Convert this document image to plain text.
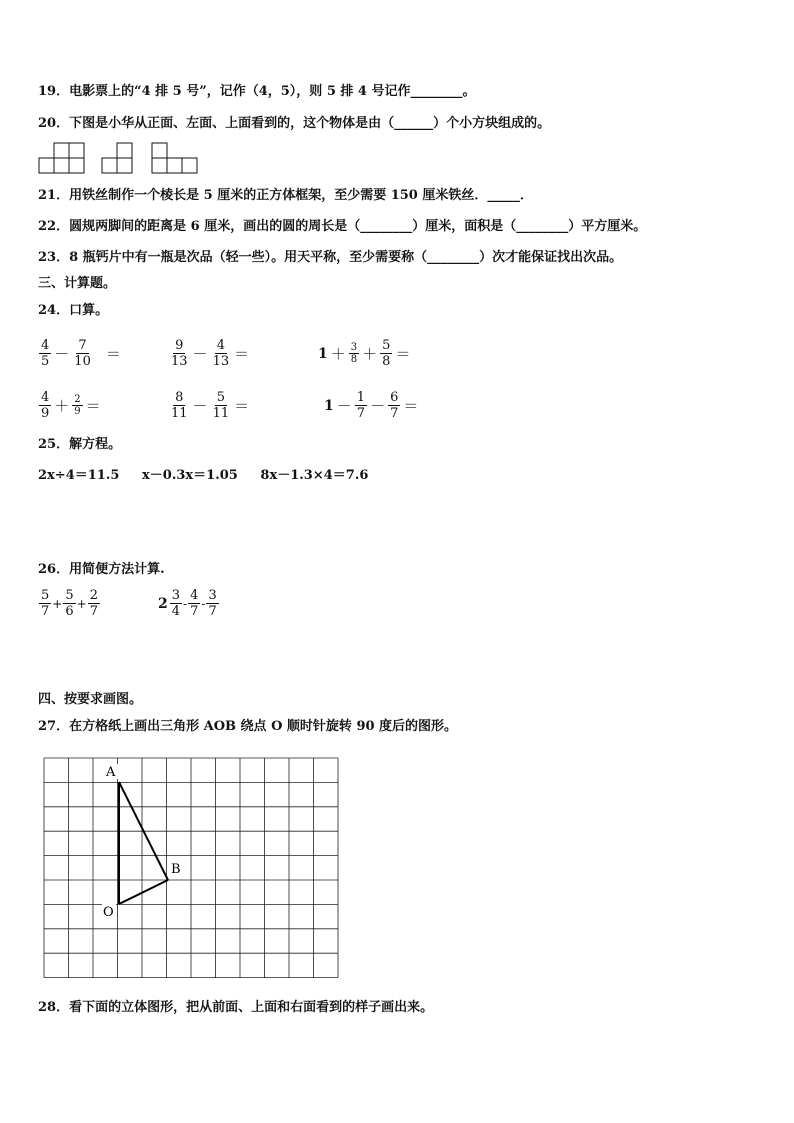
19．电影票上的“4 排 5 号”，记作（4，5），则 5 排 4 号记作________。
20．下图是小华从正面、左面、上面看到的，这个物体是由（______）个小方块组成的。
21．用铁丝制作一个棱长是 5 厘米的正方体框架，至少需要 150 厘米铁丝．_____．
22．圆规两脚间的距离是 6 厘米，画出的圆的周长是（________）厘米，面积是（________）平方厘米。
23．8 瓶钙片中有一瓶是次品（轻一些）。用天平称，至少需要称（________）次才能保证找出次品。
三、计算题。
24．口算。
$\frac{4}{5} - \frac{7}{10}$ ＝	$\frac{9}{13} - \frac{4}{13}$ ＝	$1 + \frac{3}{8} + \frac{5}{8}$ ＝
$\frac{4}{9} + \frac{2}{9}$ ＝	$\frac{8}{11} - \frac{5}{11}$ ＝	$1 - \frac{1}{7} - \frac{6}{7}$ ＝
25．解方程。
2x÷4＝11.5     x－0.3x＝1.05     8x－1.3×4＝7.6
26．用简便方法计算.
$\frac{5}{7} + \frac{5}{6} + \frac{2}{7}$	$2 \frac{3}{4} - \frac{4}{7} - \frac{3}{7}$
四、按要求画图。
27．在方格纸上画出三角形 AOB 绕点 O 顺时针旋转 90 度后的图形。
A
B
O
28．看下面的立体图形，把从前面、上面和右面看到的样子画出来。
